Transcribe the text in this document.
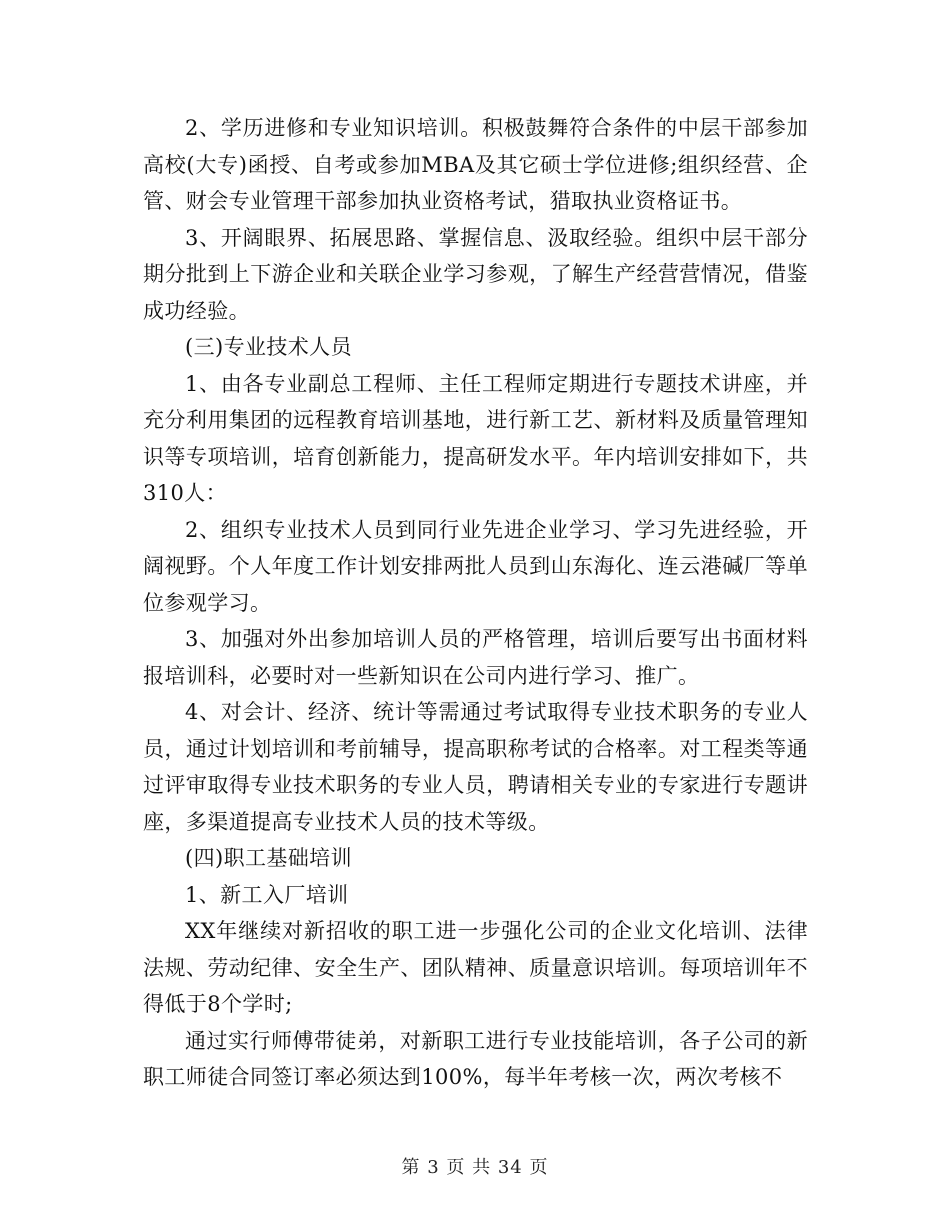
2、学历进修和专业知识培训。积极鼓舞符合条件的中层干部参加高校(大专)函授、自考或参加MBA及其它硕士学位进修;组织经营、企管、财会专业管理干部参加执业资格考试，猎取执业资格证书。

3、开阔眼界、拓展思路、掌握信息、汲取经验。组织中层干部分期分批到上下游企业和关联企业学习参观，了解生产经营营情况，借鉴成功经验。

(三)专业技术人员

1、由各专业副总工程师、主任工程师定期进行专题技术讲座，并充分利用集团的远程教育培训基地，进行新工艺、新材料及质量管理知识等专项培训，培育创新能力，提高研发水平。年内培训安排如下，共310人：

2、组织专业技术人员到同行业先进企业学习、学习先进经验，开阔视野。个人年度工作计划安排两批人员到山东海化、连云港碱厂等单位参观学习。

3、加强对外出参加培训人员的严格管理，培训后要写出书面材料报培训科，必要时对一些新知识在公司内进行学习、推广。

4、对会计、经济、统计等需通过考试取得专业技术职务的专业人员，通过计划培训和考前辅导，提高职称考试的合格率。对工程类等通过评审取得专业技术职务的专业人员，聘请相关专业的专家进行专题讲座，多渠道提高专业技术人员的技术等级。

(四)职工基础培训

1、新工入厂培训

XX年继续对新招收的职工进一步强化公司的企业文化培训、法律法规、劳动纪律、安全生产、团队精神、质量意识培训。每项培训年不得低于8个学时;

通过实行师傅带徒弟，对新职工进行专业技能培训，各子公司的新职工师徒合同签订率必须达到100%，每半年考核一次，两次考核不

第 3 页 共 34 页
